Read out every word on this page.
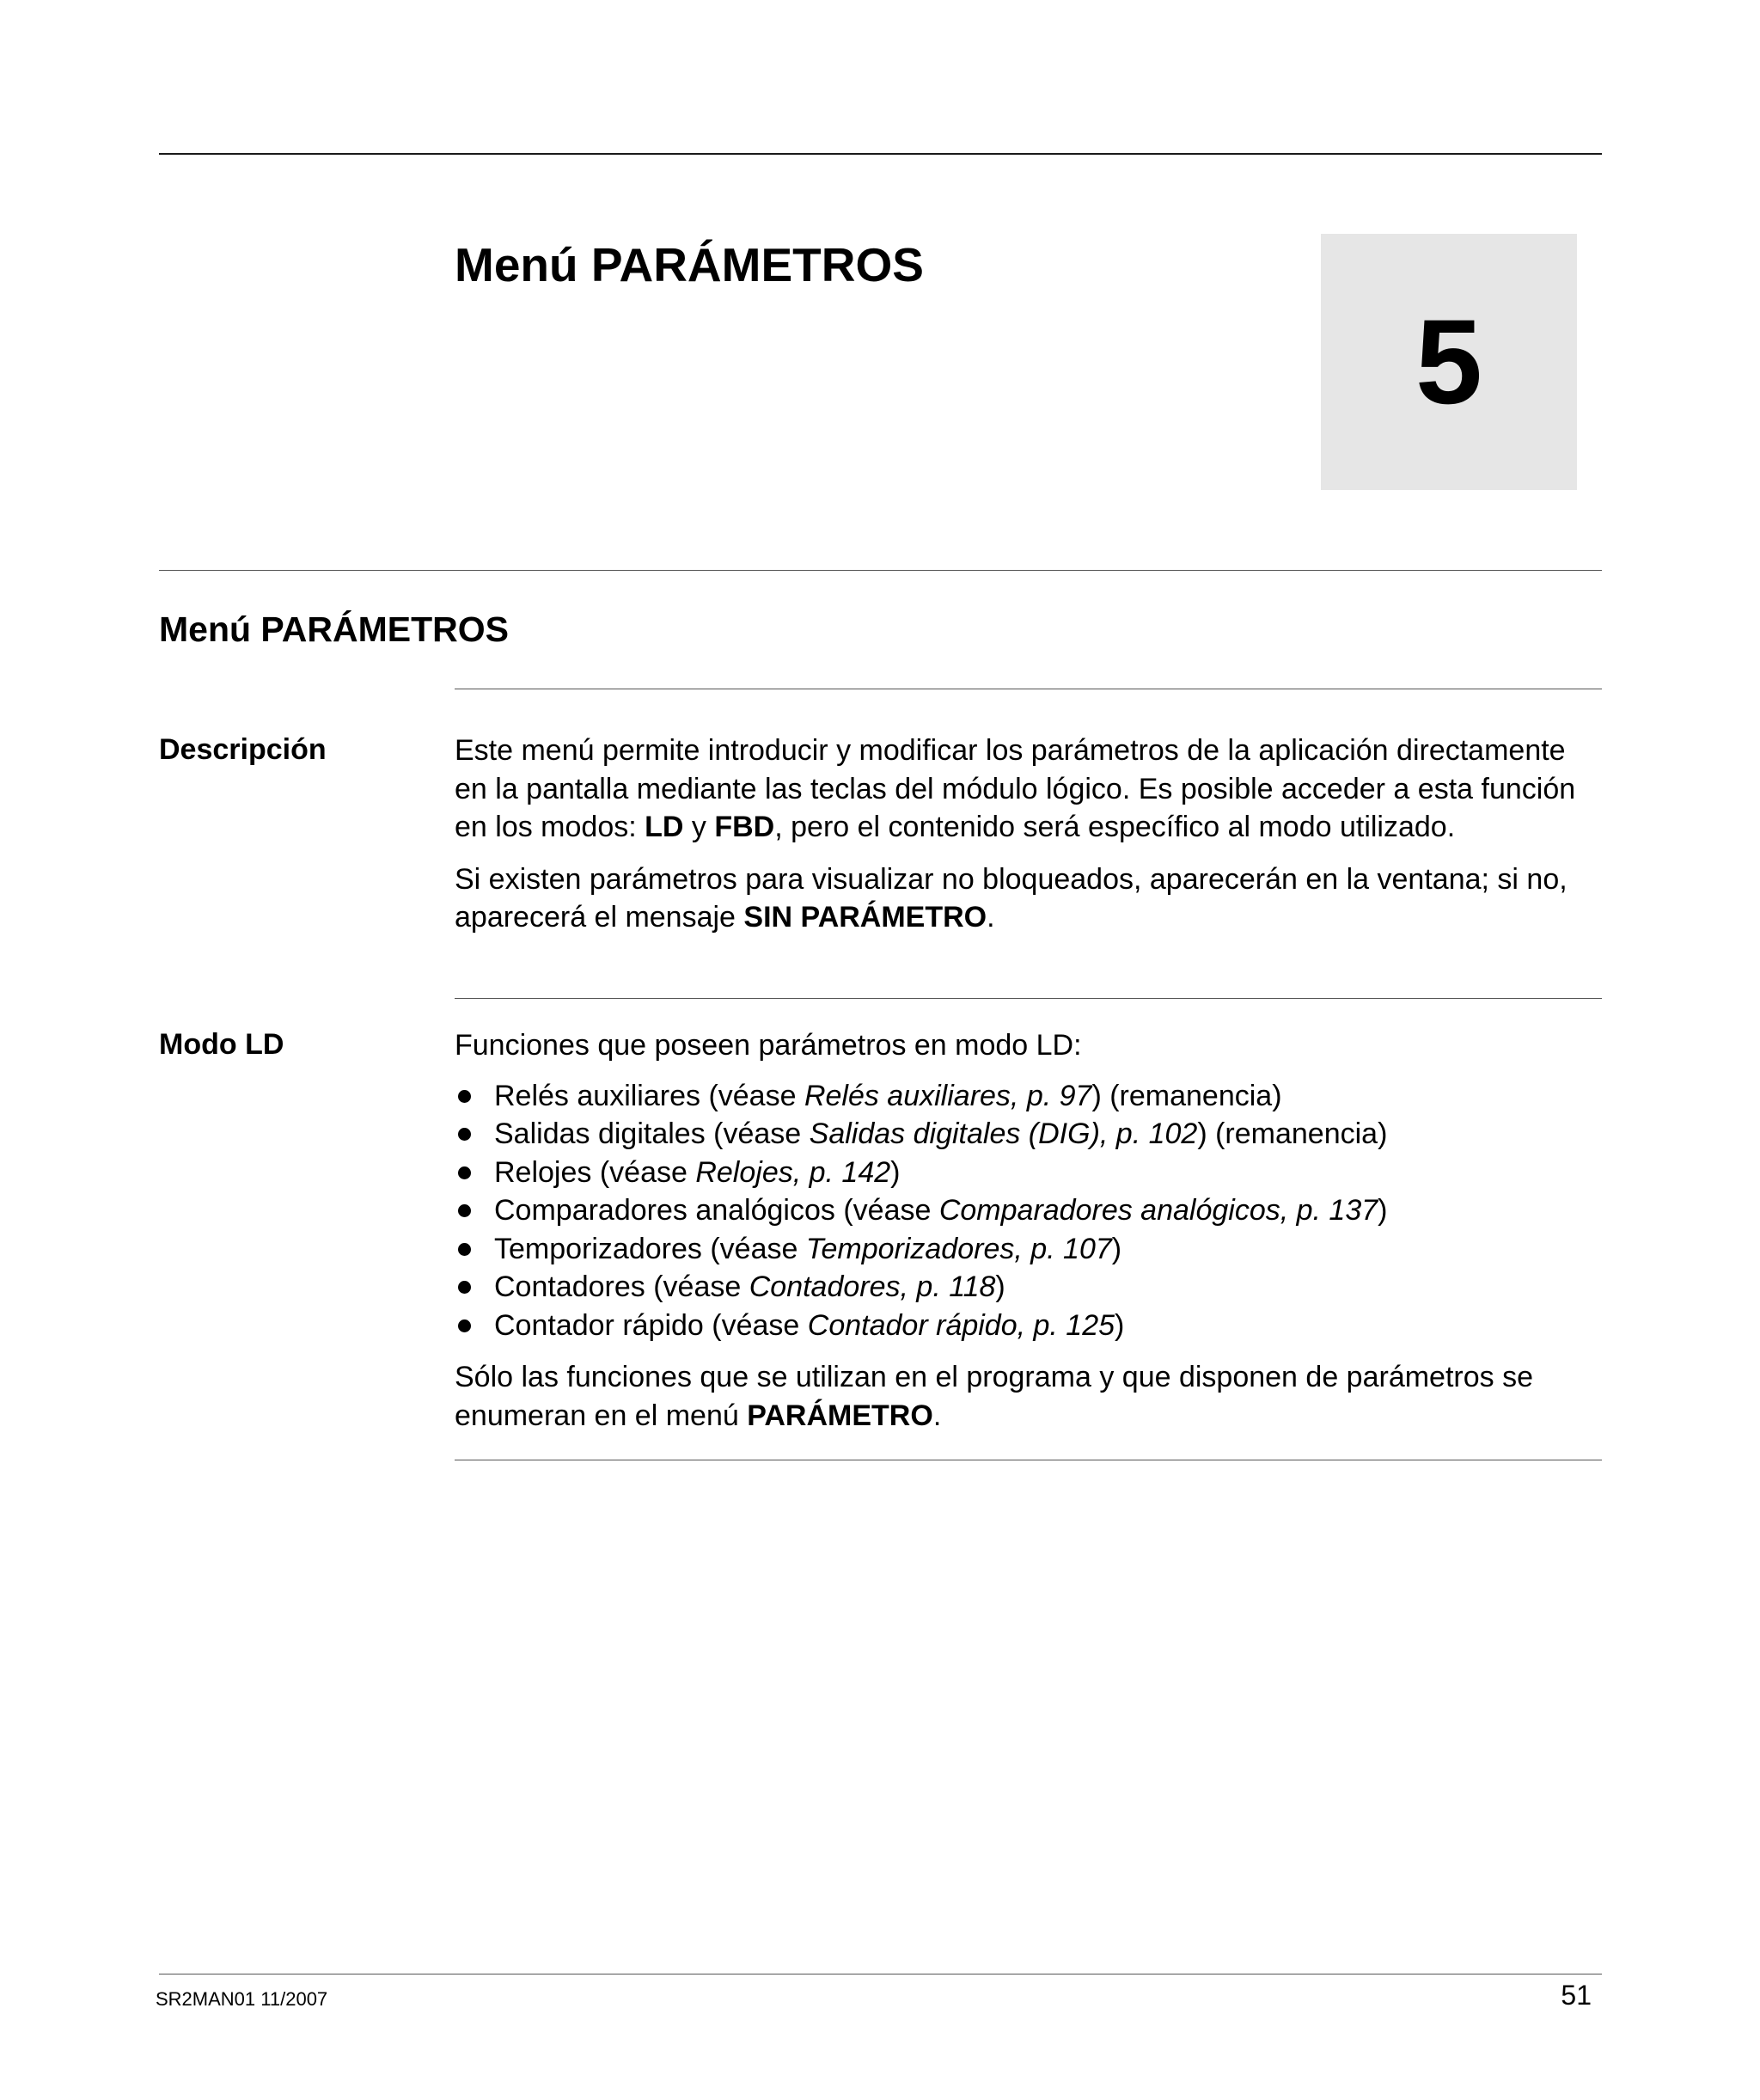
Menú PARÁMETROS
5
Menú PARÁMETROS
Descripción	Este menú permite introducir y modificar los parámetros de la aplicación directamente en la pantalla mediante las teclas del módulo lógico. Es posible acceder a esta función en los modos: LD y FBD, pero el contenido será específico al modo utilizado.

Si existen parámetros para visualizar no bloqueados, aparecerán en la ventana; si no, aparecerá el mensaje SIN PARÁMETRO.

Modo LD	Funciones que poseen parámetros en modo LD:

Relés auxiliares (véase Relés auxiliares, p. 97) (remanencia)
Salidas digitales (véase Salidas digitales (DIG), p. 102) (remanencia)
Relojes (véase Relojes, p. 142)
Comparadores analógicos (véase Comparadores analógicos, p. 137)
Temporizadores (véase Temporizadores, p. 107)
Contadores (véase Contadores, p. 118)
Contador rápido (véase Contador rápido, p. 125)

Sólo las funciones que se utilizan en el programa y que disponen de parámetros se enumeran en el menú PARÁMETRO.

SR2MAN01 11/2007	51
